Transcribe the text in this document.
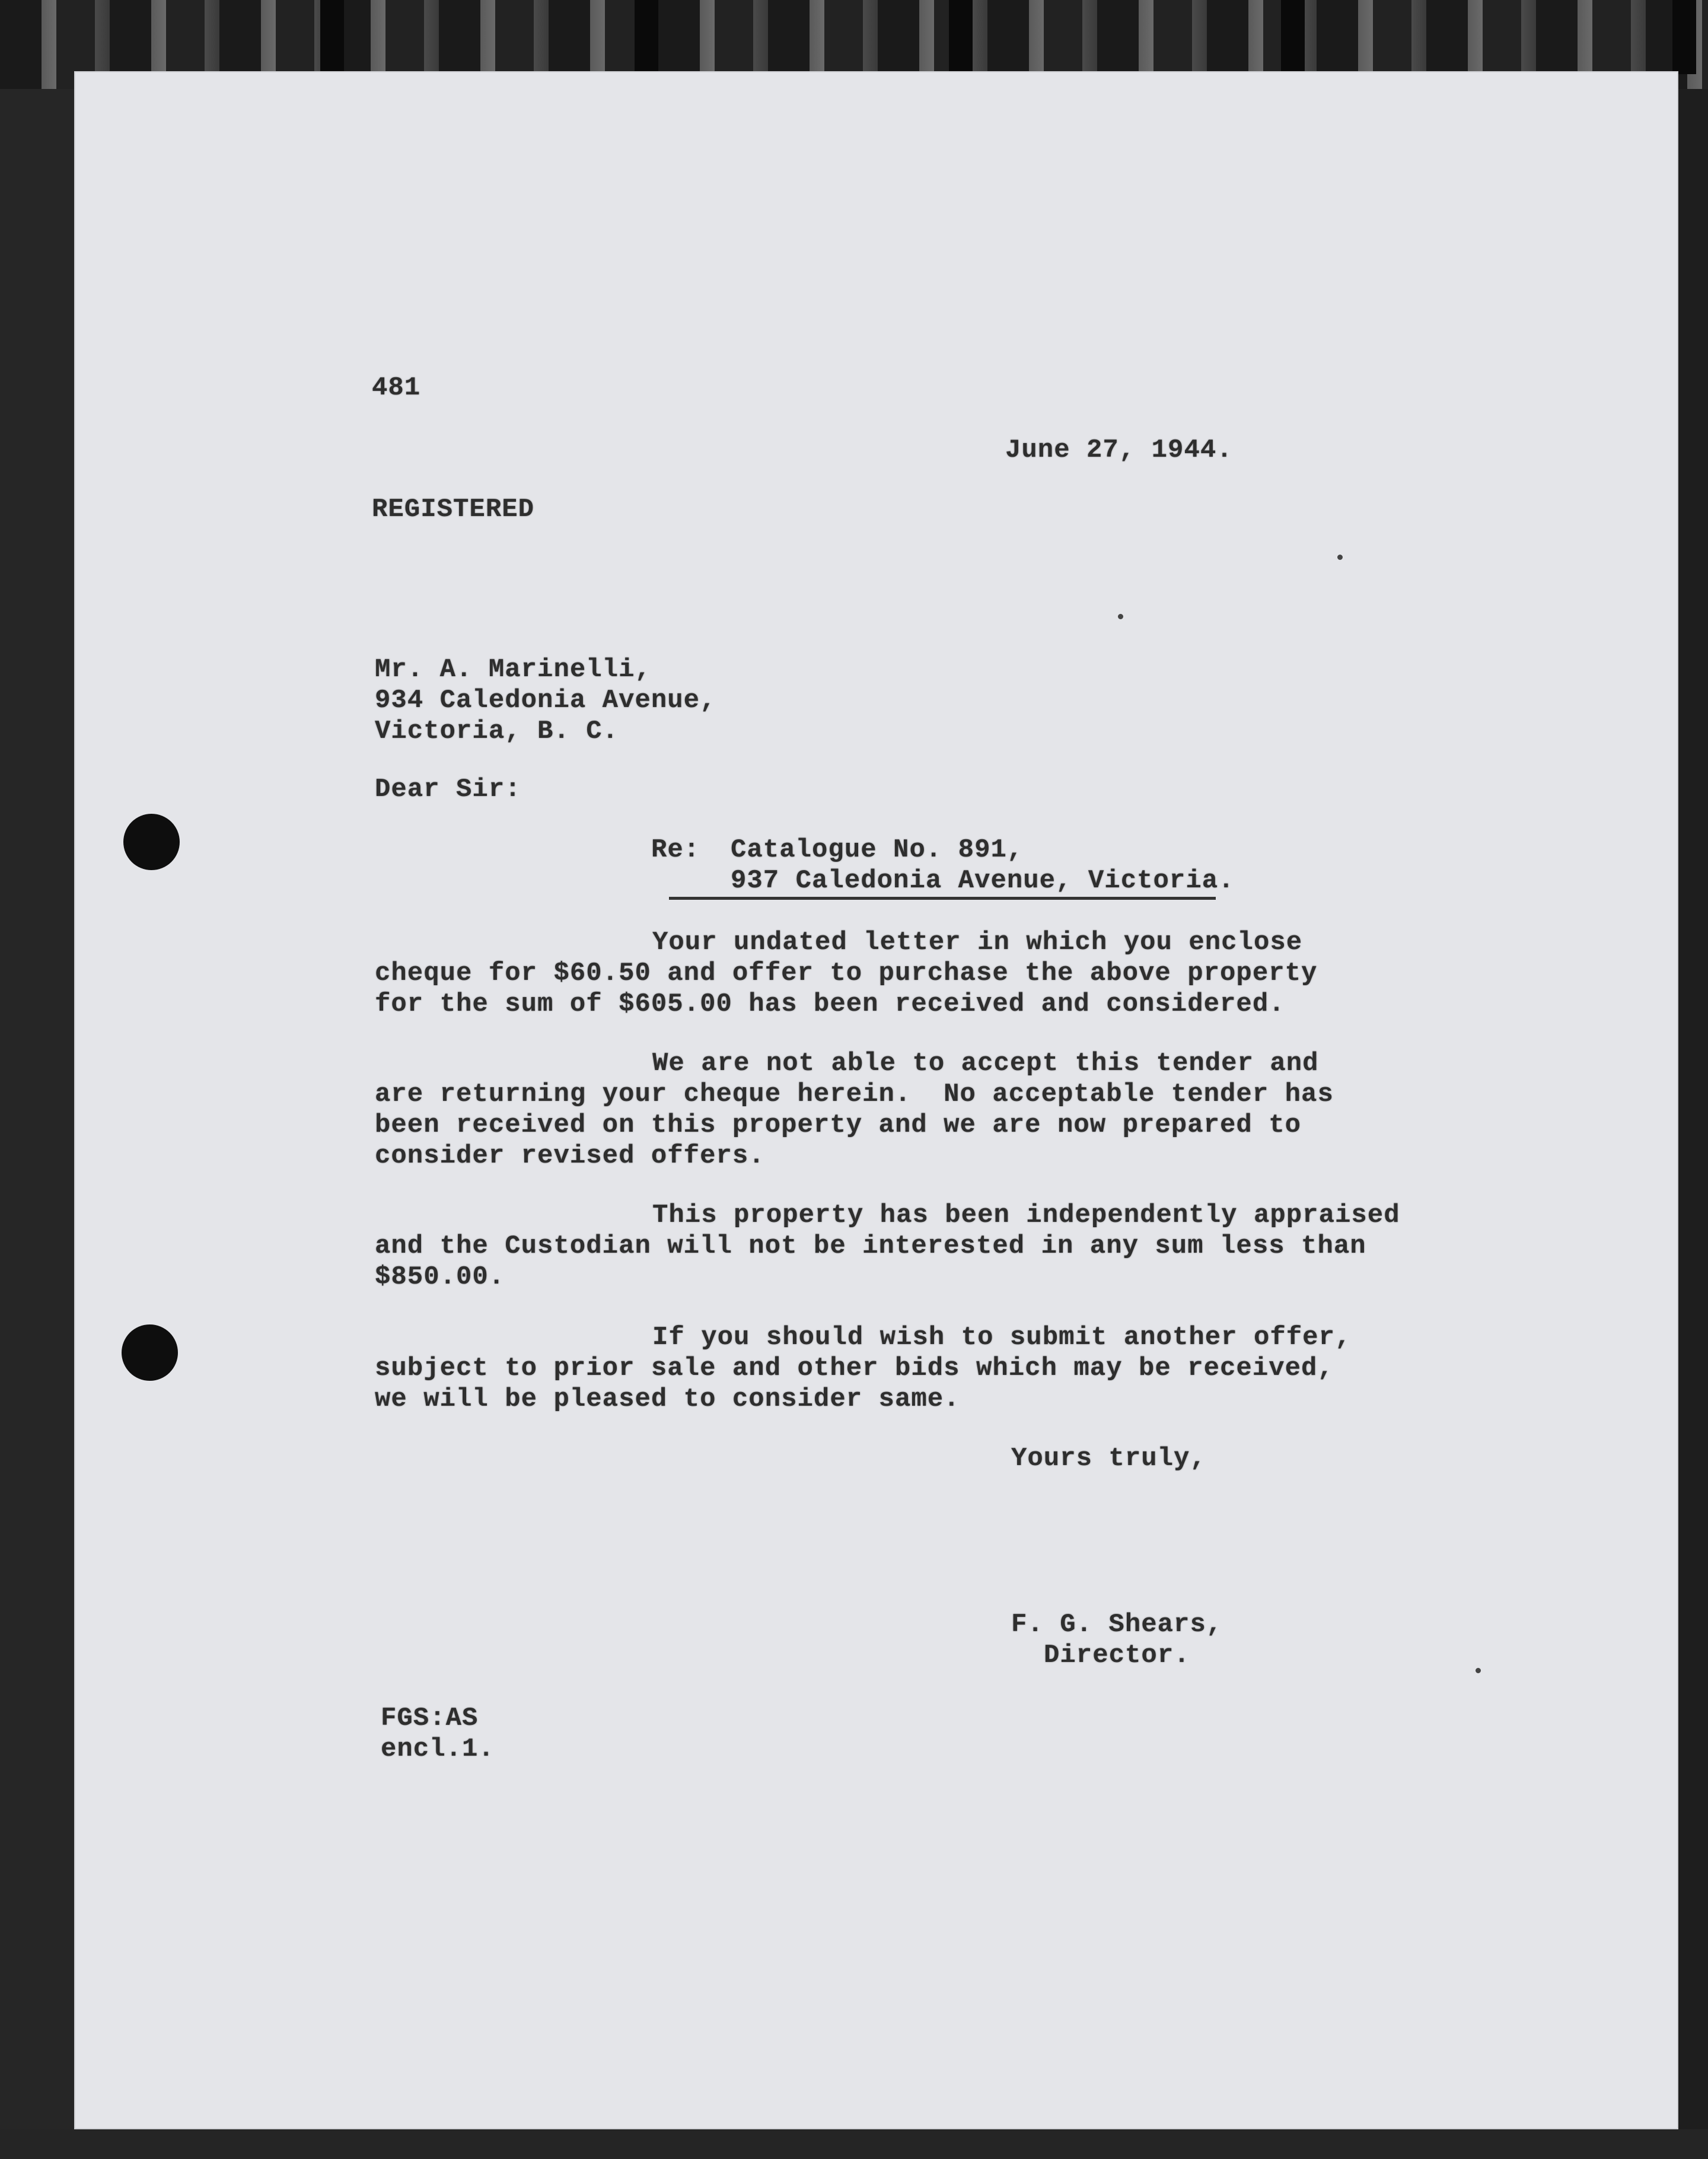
481
June 27, 1944.
REGISTERED
Mr. A. Marinelli,
934 Caledonia Avenue,
Victoria, B. C.
Dear Sir:
Re: Catalogue No. 891,
937 Caledonia Avenue, Victoria.
Your undated letter in which you enclose
cheque for $60.50 and offer to purchase the above property
for the sum of $605.00 has been received and considered.
We are not able to accept this tender and
are returning your cheque herein.  No acceptable tender has
been received on this property and we are now prepared to
consider revised offers.
This property has been independently appraised
and the Custodian will not be interested in any sum less than
$850.00.
If you should wish to submit another offer,
subject to prior sale and other bids which may be received,
we will be pleased to consider same.
Yours truly,
F. G. Shears,
Director.
FGS:AS
encl.1.
